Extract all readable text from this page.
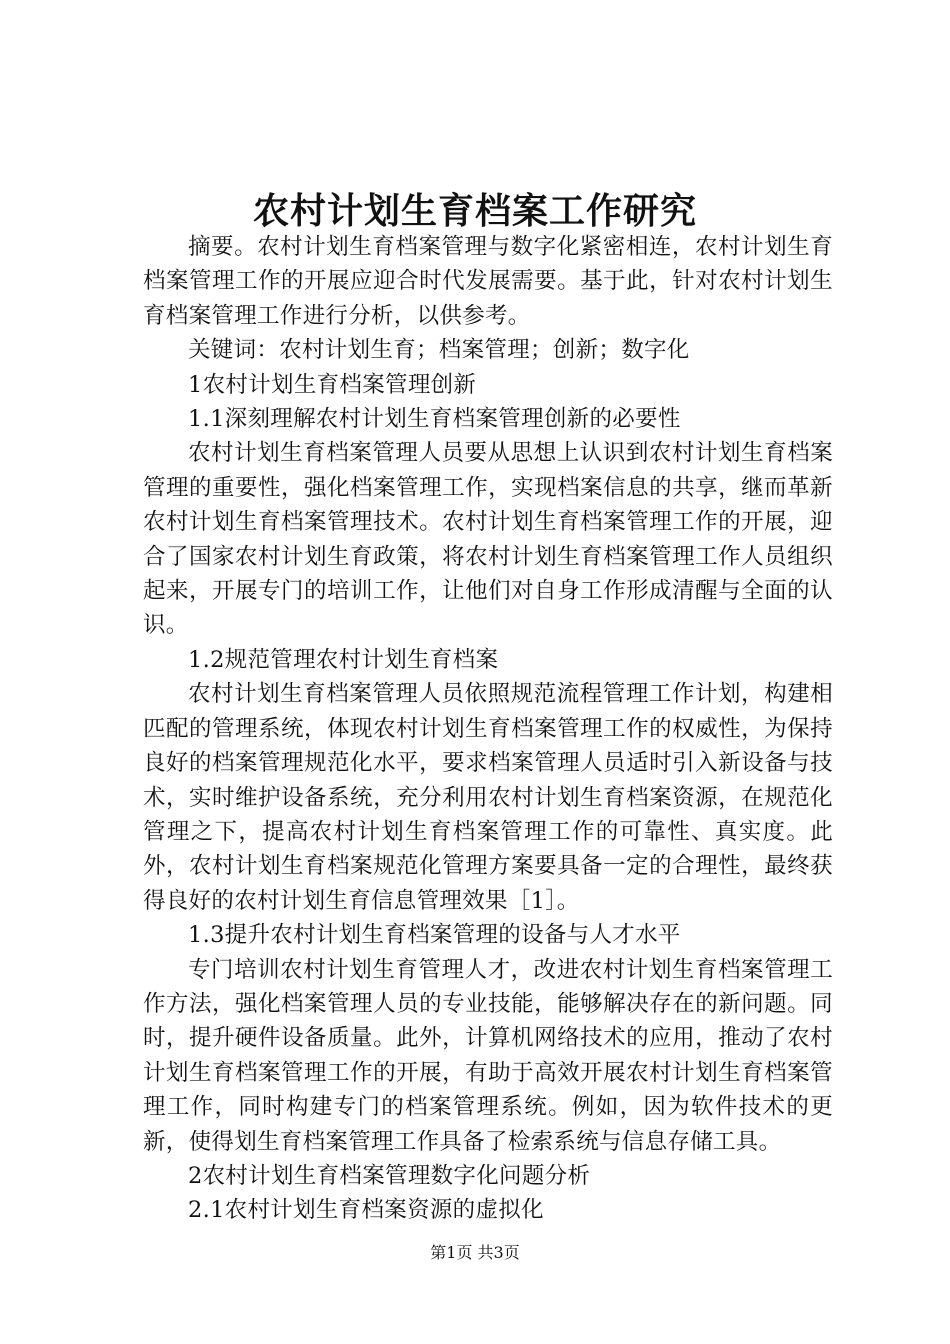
农村计划生育档案工作研究

摘要。农村计划生育档案管理与数字化紧密相连，农村计划生育档案管理工作的开展应迎合时代发展需要。基于此，针对农村计划生育档案管理工作进行分析，以供参考。

关键词：农村计划生育；档案管理；创新；数字化

1农村计划生育档案管理创新

1.1深刻理解农村计划生育档案管理创新的必要性

农村计划生育档案管理人员要从思想上认识到农村计划生育档案管理的重要性，强化档案管理工作，实现档案信息的共享，继而革新农村计划生育档案管理技术。农村计划生育档案管理工作的开展，迎合了国家农村计划生育政策，将农村计划生育档案管理工作人员组织起来，开展专门的培训工作，让他们对自身工作形成清醒与全面的认识。

1.2规范管理农村计划生育档案

农村计划生育档案管理人员依照规范流程管理工作计划，构建相匹配的管理系统，体现农村计划生育档案管理工作的权威性，为保持良好的档案管理规范化水平，要求档案管理人员适时引入新设备与技术，实时维护设备系统，充分利用农村计划生育档案资源，在规范化管理之下，提高农村计划生育档案管理工作的可靠性、真实度。此外，农村计划生育档案规范化管理方案要具备一定的合理性，最终获得良好的农村计划生育信息管理效果［1］。

1.3提升农村计划生育档案管理的设备与人才水平

专门培训农村计划生育管理人才，改进农村计划生育档案管理工作方法，强化档案管理人员的专业技能，能够解决存在的新问题。同时，提升硬件设备质量。此外，计算机网络技术的应用，推动了农村计划生育档案管理工作的开展，有助于高效开展农村计划生育档案管理工作，同时构建专门的档案管理系统。例如，因为软件技术的更新，使得划生育档案管理工作具备了检索系统与信息存储工具。

2农村计划生育档案管理数字化问题分析

2.1农村计划生育档案资源的虚拟化

第1页 共3页
